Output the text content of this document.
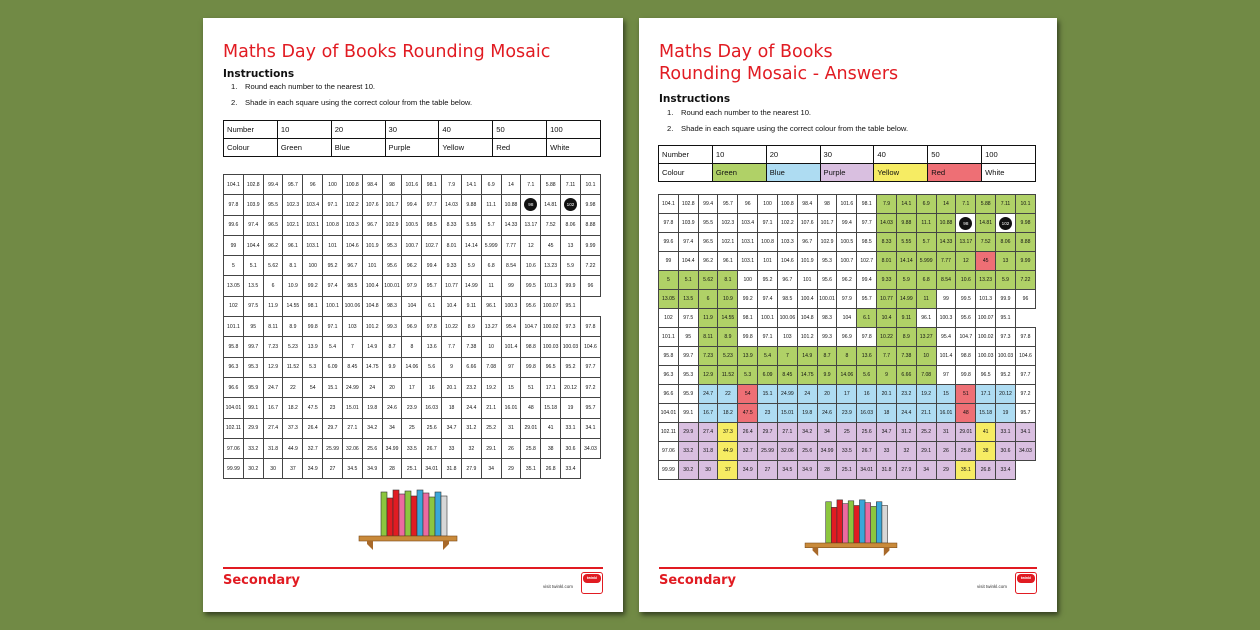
Maths Day of Books Rounding Mosaic
Instructions
1. Round each number to the nearest 10.
2. Shade in each square using the correct colour from the table below.
Number	10	20	30	40	50	100
Colour	Green	Blue	Purple	Yellow	Red	White
104.1	102.8	99.4	95.7	96	100	100.8	98.4	98	101.6	98.1	7.9	14.1	6.9	14	7.1	5.88	7.11	10.1
97.8	103.9	95.5	102.3	103.4	97.1	102.2	107.6	101.7	99.4	97.7	14.03	9.88	11.1	10.88	98	14.81	102	9.98
99.6	97.4	96.5	102.1	103.1	100.8	103.3	96.7	102.9	100.5	98.5	8.33	5.55	5.7	14.33	13.17	7.52	8.06	8.88
99	104.4	96.2	96.1	103.1	101	104.6	101.9	95.3	100.7	102.7	8.01	14.14	5.999	7.77	12	45	13	9.99
5	5.1	5.62	8.1	100	95.2	96.7	101	95.6	96.2	99.4	9.33	5.9	6.8	8.54	10.6	13.23	5.9	7.22
13.05	13.5	6	10.9	99.2	97.4	98.5	100.4	100.01	97.9	95.7	10.77	14.99	11	99	99.5	101.3	99.9	96
102	97.5	11.9	14.55	98.1	100.1	100.06	104.8	98.3	104	6.1	10.4	9.11	96.1	100.3	95.6	100.07	95.1	
101.1	95	8.11	8.9	99.8	97.1	103	101.2	99.3	96.9	97.8	10.22	8.9	13.27	95.4	104.7	100.02	97.3	97.8
95.8	99.7	7.23	5.23	13.9	5.4	7	14.9	8.7	8	13.6	7.7	7.38	10	101.4	98.8	100.03	100.03	104.6
96.3	95.3	12.9	11.52	5.3	6.09	8.45	14.75	9.9	14.06	5.6	9	6.66	7.08	97	99.8	96.5	95.2	97.7
96.6	95.9	24.7	22	54	15.1	24.99	24	20	17	16	20.1	23.2	19.2	15	51	17.1	20.12	97.2
104.01	99.1	16.7	18.2	47.5	23	15.01	19.8	24.6	23.9	16.03	18	24.4	21.1	16.01	48	15.18	19	95.7
102.11	29.9	27.4	37.3	26.4	29.7	27.1	34.2	34	25	25.6	34.7	31.2	25.2	31	29.01	41	33.1	34.1
97.06	33.2	31.8	44.9	32.7	25.99	32.06	25.6	34.99	33.5	26.7	33	32	29.1	26	25.8	38	30.6	34.03
99.99	30.2	30	37	34.9	27	34.5	34.9	28	25.1	34.01	31.8	27.9	34	29	35.1	26.8	33.4	
Secondary	visit twinkl.com
twinkl
Maths Day of Books
Rounding Mosaic - Answers
Instructions
1. Round each number to the nearest 10.
2. Shade in each square using the correct colour from the table below.
Number	10	20	30	40	50	100
Colour	Green	Blue	Purple	Yellow	Red	White
104.1	102.8	99.4	95.7	96	100	100.8	98.4	98	101.6	98.1	7.9	14.1	6.9	14	7.1	5.88	7.11	10.1
97.8	103.9	95.5	102.3	103.4	97.1	102.2	107.6	101.7	99.4	97.7	14.03	9.88	11.1	10.88	98	14.81	102	9.98
99.6	97.4	96.5	102.1	103.1	100.8	103.3	96.7	102.9	100.5	98.5	8.33	5.55	5.7	14.33	13.17	7.52	8.06	8.88
99	104.4	96.2	96.1	103.1	101	104.6	101.9	95.3	100.7	102.7	8.01	14.14	5.999	7.77	12	45	13	9.99
5	5.1	5.62	8.1	100	95.2	96.7	101	95.6	96.2	99.4	9.33	5.9	6.8	8.54	10.6	13.23	5.9	7.22
13.05	13.5	6	10.9	99.2	97.4	98.5	100.4	100.01	97.9	95.7	10.77	14.99	11	99	99.5	101.3	99.9	96
102	97.5	11.9	14.55	98.1	100.1	100.06	104.8	98.3	104	6.1	10.4	9.11	96.1	100.3	95.6	100.07	95.1	
101.1	95	8.11	8.9	99.8	97.1	103	101.2	99.3	96.9	97.8	10.22	8.9	13.27	95.4	104.7	100.02	97.3	97.8
95.8	99.7	7.23	5.23	13.9	5.4	7	14.9	8.7	8	13.6	7.7	7.38	10	101.4	98.8	100.03	100.03	104.6
96.3	95.3	12.9	11.52	5.3	6.09	8.45	14.75	9.9	14.06	5.6	9	6.66	7.08	97	99.8	96.5	95.2	97.7
96.6	95.9	24.7	22	54	15.1	24.99	24	20	17	16	20.1	23.2	19.2	15	51	17.1	20.12	97.2
104.01	99.1	16.7	18.2	47.5	23	15.01	19.8	24.6	23.9	16.03	18	24.4	21.1	16.01	48	15.18	19	95.7
102.11	29.9	27.4	37.3	26.4	29.7	27.1	34.2	34	25	25.6	34.7	31.2	25.2	31	29.01	41	33.1	34.1
97.06	33.2	31.8	44.9	32.7	25.99	32.06	25.6	34.99	33.5	26.7	33	32	29.1	26	25.8	38	30.6	34.03
99.99	30.2	30	37	34.9	27	34.5	34.9	28	25.1	34.01	31.8	27.9	34	29	35.1	26.8	33.4	
Secondary	visit twinkl.com
twinkl
